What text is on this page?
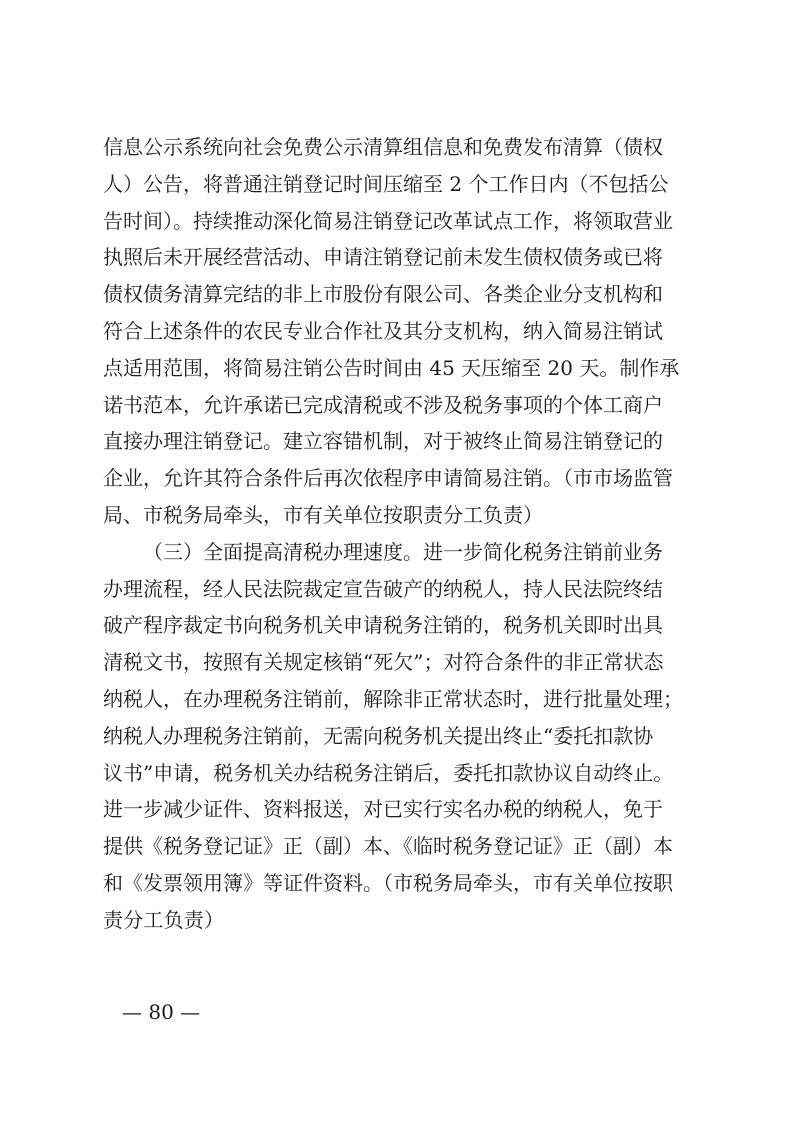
信息公示系统向社会免费公示清算组信息和免费发布清算（债权
人）公告，将普通注销登记时间压缩至 2 个工作日内（不包括公
告时间）。持续推动深化简易注销登记改革试点工作，将领取营业
执照后未开展经营活动、申请注销登记前未发生债权债务或已将
债权债务清算完结的非上市股份有限公司、各类企业分支机构和
符合上述条件的农民专业合作社及其分支机构，纳入简易注销试
点适用范围，将简易注销公告时间由 45 天压缩至 20 天。制作承
诺书范本，允许承诺已完成清税或不涉及税务事项的个体工商户
直接办理注销登记。建立容错机制，对于被终止简易注销登记的
企业，允许其符合条件后再次依程序申请简易注销。（市市场监管
局、市税务局牵头，市有关单位按职责分工负责）
（三）全面提高清税办理速度。进一步简化税务注销前业务
办理流程，经人民法院裁定宣告破产的纳税人，持人民法院终结
破产程序裁定书向税务机关申请税务注销的，税务机关即时出具
清税文书，按照有关规定核销“死欠”；对符合条件的非正常状态
纳税人，在办理税务注销前，解除非正常状态时，进行批量处理；
纳税人办理税务注销前，无需向税务机关提出终止“委托扣款协
议书”申请，税务机关办结税务注销后，委托扣款协议自动终止。
进一步减少证件、资料报送，对已实行实名办税的纳税人，免于
提供《税务登记证》正（副）本、《临时税务登记证》正（副）本
和《发票领用簿》等证件资料。（市税务局牵头，市有关单位按职
责分工负责）
— 80 —
